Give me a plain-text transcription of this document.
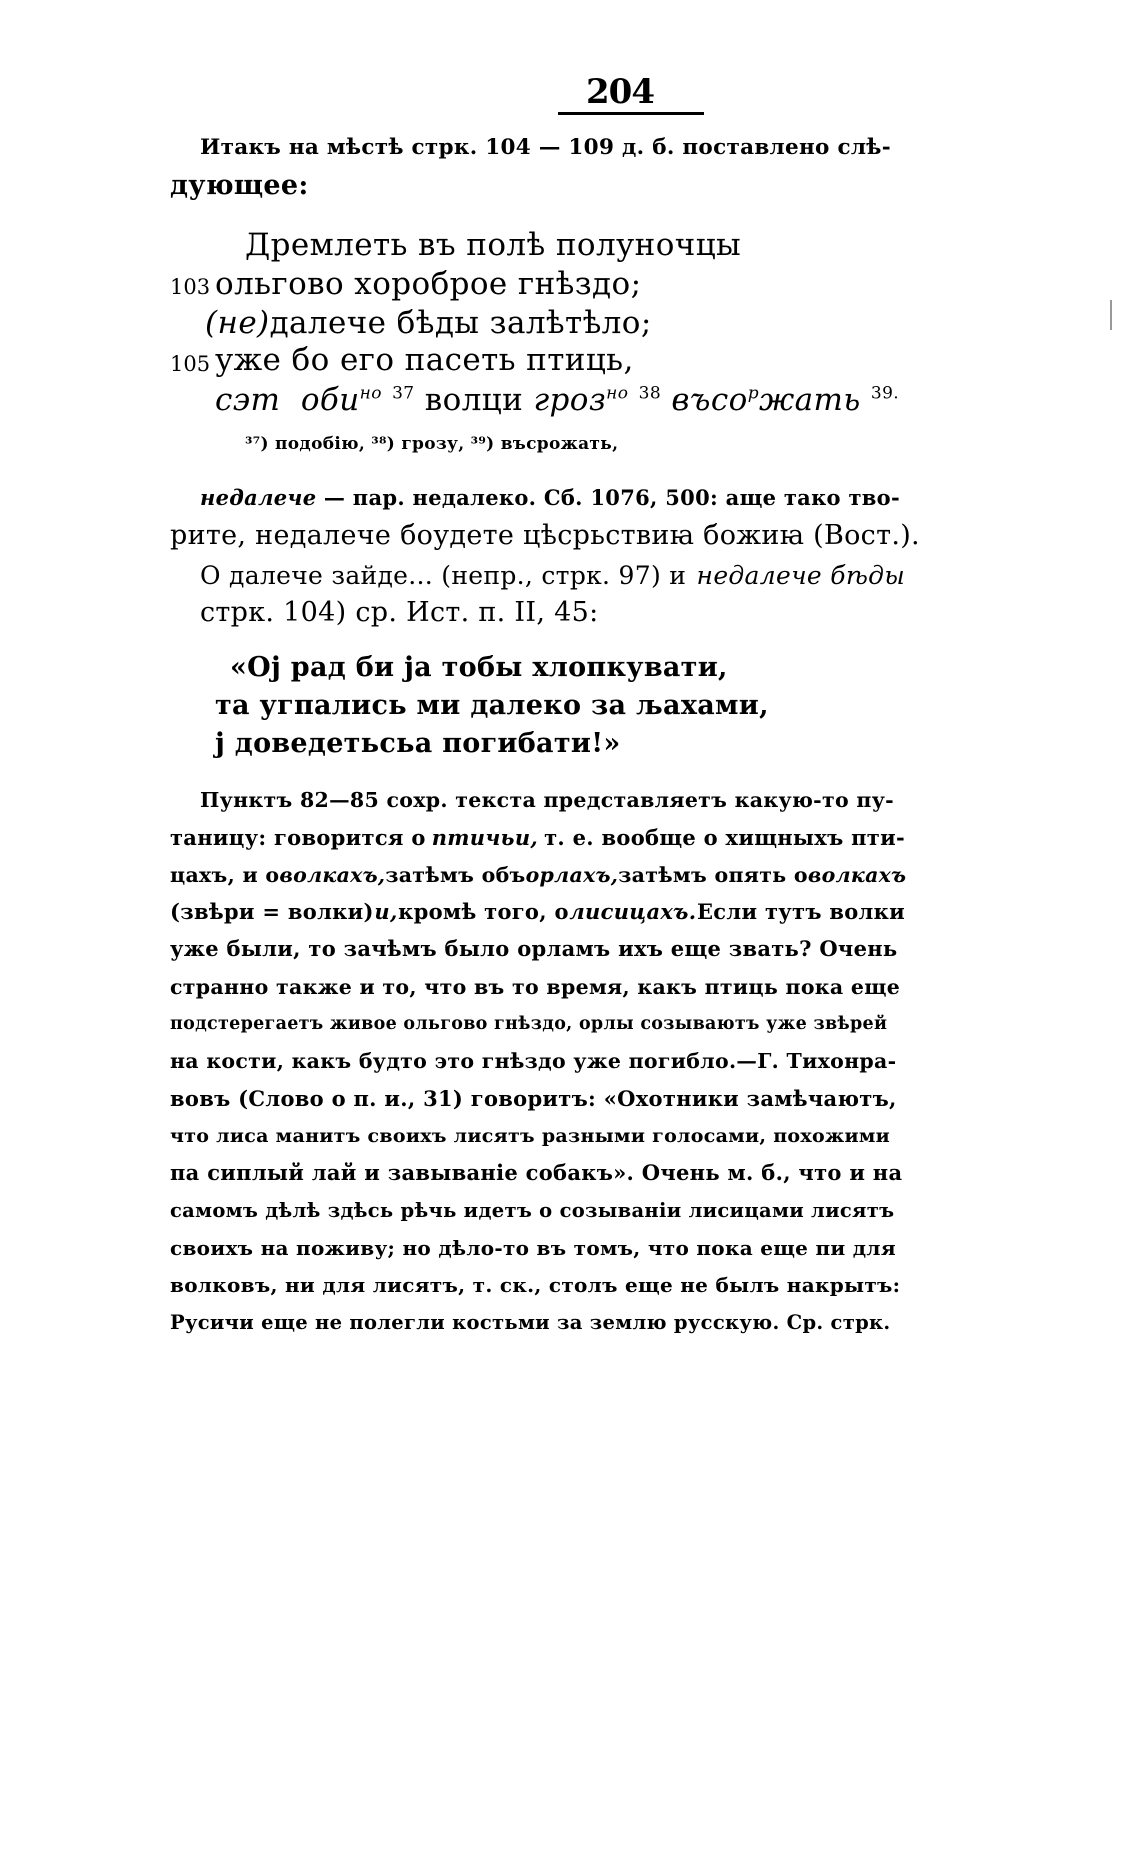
204
Итакъ на мѣстѣ стрк. 104 — 109 д. б. поставлено слѣ-
дующее:
Дремлеть въ полѣ полуночцы
103 ольгово хороброе гнѣздо;
(не)далече бѣды залѣтѣло;
105 уже бо его пасеть птиць,
сэт оби$^{но}$ $^{37}$ волци гроз$^{но}$ $^{38}$ въсо$^р$жать $^{39.}$
³⁷) подобію, ³⁸) грозу, ³⁹) въсрожать,
недалече — пар. недалеко. Сб. 1076, 500: аще тако тво-
рите, недалече боудете цѣсрьствиꙗ божиꙗ (Вост.).
О далече зайде... (непр., стрк. 97) и недалече бѣды
стрк. 104) ср. Ист. п. II, 45:
«Ој рад би ја тобы хлопкувати,
та угпались ми далеко за љахами,
ј доведетьсьа погибати!»
Пунктъ 82—85 сохр. текста представляетъ какую-то пу-
таницу: говорится о птичьи, т. е. вообще о хищныхъ пти-
цахъ, и о волкахъ, затѣмъ объ орлахъ, затѣмъ опять о волкахъ
(звѣри = волки) и, кромѣ того, о лисицахъ. Если тутъ волки
уже были, то зачѣмъ было орламъ ихъ еще звать? Очень
странно также и то, что въ то время, какъ птиць пока еще
подстерегаетъ живое ольгово гнѣздо, орлы созываютъ уже звѣрей
на кости, какъ будто это гнѣздо уже погибло.—Г. Тихонра-
вовъ (Слово о п. и., 31) говоритъ: «Охотники замѣчаютъ,
что лиса манитъ своихъ лисятъ разными голосами, похожими
па сиплый лай и завываніе собакъ». Очень м. б., что и на
самомъ дѣлѣ здѣсь рѣчь идетъ о созываніи лисицами лисятъ
своихъ на поживу; но дѣло-то въ томъ, что пока еще пи для
волковъ, ни для лисятъ, т. ск., столъ еще не былъ накрытъ:
Русичи еще не полегли костьми за землю русскую. Ср. стрк.
